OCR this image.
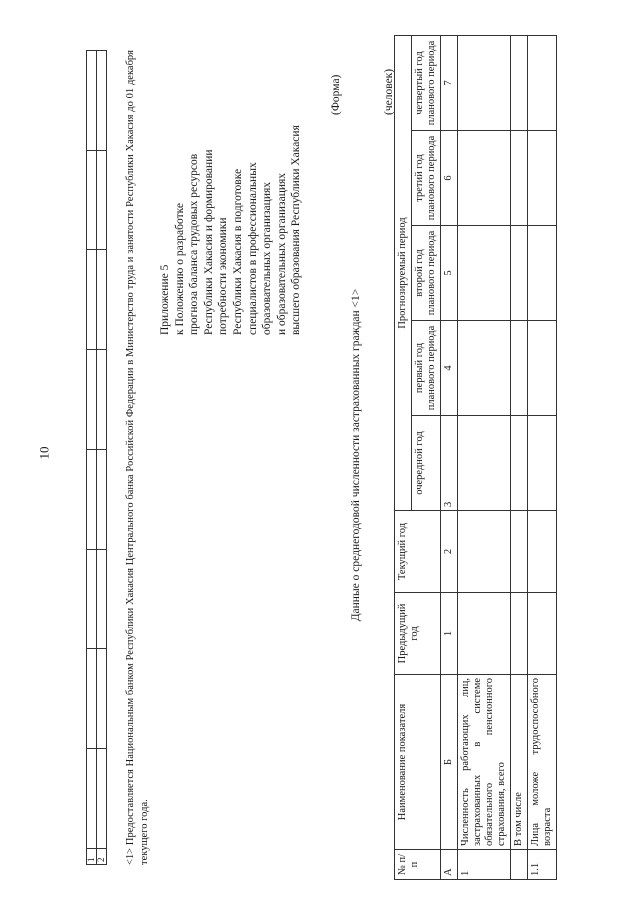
10
1								
2								<1> Предоставляется Национальным банком Республики Хакасия Центрального банка Российской Федерации в Министерство труда и занятости Республики Хакасия до 01 декабря текущего года.
Приложение 5 к Положению о разработке прогноза баланса трудовых ресурсов Республики Хакасия и формировании потребности экономики Республики Хакасия в подготовке специалистов в профессиональных образовательных организациях и образовательных организациях высшего образования Республики Хакасия
(Форма)
Данные о среднегодовой численности застрахованных граждан <1>
(человек)
№ п/п	Наименование показателя	Предыдущий год	Текущий год	Прогнозируемый период				
				очередной год	первый год планового периода	второй год планового периода	третий год планового периода	четвертый год планового периода
А	Б	1	2	3	4	5	6	7
1	Численность работающих лиц, застрахованных в системе обязательного пенсионного страхования, всего							
	В том числе							
1.1	Лица моложе трудоспособного возраста							
